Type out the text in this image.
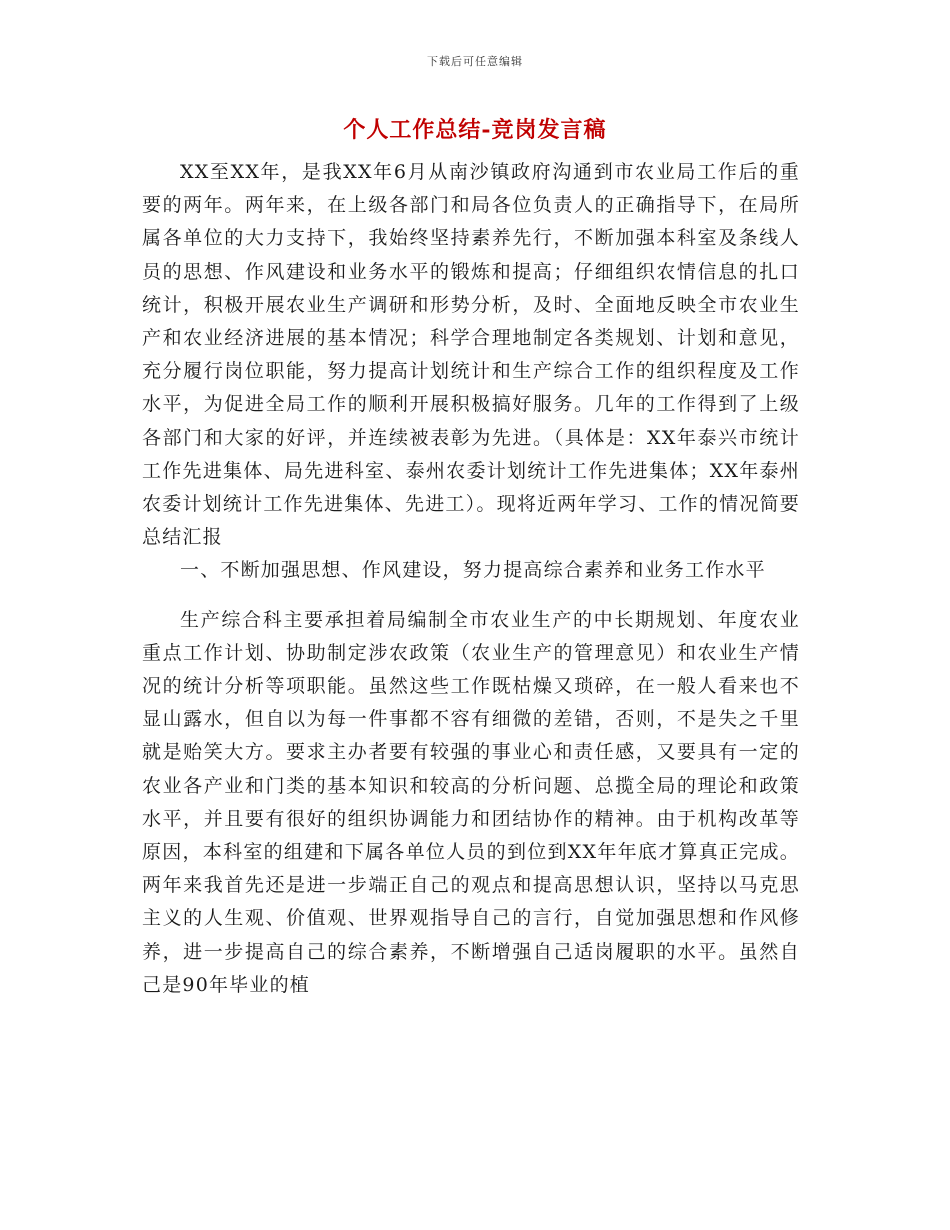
下载后可任意编辑
个人工作总结-竞岗发言稿

XX至XX年，是我XX年6月从南沙镇政府沟通到市农业局工作后的重要的两年。两年来，在上级各部门和局各位负责人的正确指导下，在局所属各单位的大力支持下，我始终坚持素养先行，不断加强本科室及条线人员的思想、作风建设和业务水平的锻炼和提高；仔细组织农情信息的扎口统计，积极开展农业生产调研和形势分析，及时、全面地反映全市农业生产和农业经济进展的基本情况；科学合理地制定各类规划、计划和意见，充分履行岗位职能，努力提高计划统计和生产综合工作的组织程度及工作水平，为促进全局工作的顺利开展积极搞好服务。几年的工作得到了上级各部门和大家的好评，并连续被表彰为先进。（具体是：XX年泰兴市统计工作先进集体、局先进科室、泰州农委计划统计工作先进集体；XX年泰州农委计划统计工作先进集体、先进工）。现将近两年学习、工作的情况简要总结汇报

一、不断加强思想、作风建设，努力提高综合素养和业务工作水平

生产综合科主要承担着局编制全市农业生产的中长期规划、年度农业重点工作计划、协助制定涉农政策（农业生产的管理意见）和农业生产情况的统计分析等项职能。虽然这些工作既枯燥又琐碎，在一般人看来也不显山露水，但自以为每一件事都不容有细微的差错，否则，不是失之千里就是贻笑大方。要求主办者要有较强的事业心和责任感，又要具有一定的农业各产业和门类的基本知识和较高的分析问题、总揽全局的理论和政策水平，并且要有很好的组织协调能力和团结协作的精神。由于机构改革等原因，本科室的组建和下属各单位人员的到位到XX年年底才算真正完成。两年来我首先还是进一步端正自己的观点和提高思想认识，坚持以马克思主义的人生观、价值观、世界观指导自己的言行，自觉加强思想和作风修养，进一步提高自己的综合素养，不断增强自己适岗履职的水平。虽然自己是90年毕业的植
